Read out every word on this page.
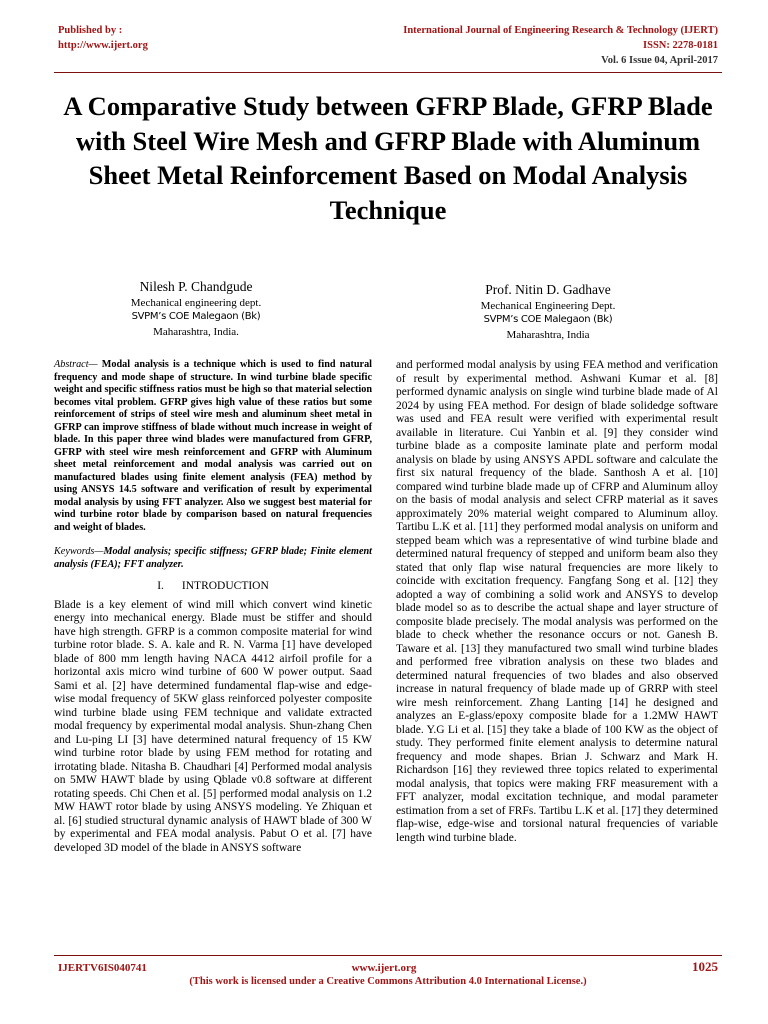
Published by :
http://www.ijert.org
International Journal of Engineering Research & Technology (IJERT)
ISSN: 2278-0181
Vol. 6 Issue 04, April-2017
A Comparative Study between GFRP Blade, GFRP Blade with Steel Wire Mesh and GFRP Blade with Aluminum Sheet Metal Reinforcement Based on Modal Analysis Technique
Nilesh P. Chandgude
Mechanical engineering dept.
SVPM’s COE Malegaon (Bk)
Maharashtra, India.
Prof. Nitin D. Gadhave
Mechanical Engineering Dept.
SVPM’s COE Malegaon (Bk)
Maharashtra, India

Abstract— Modal analysis is a technique which is used to find natural frequency and mode shape of structure. In wind turbine blade specific weight and specific stiffness ratios must be high so that material selection becomes vital problem. GFRP gives high value of these ratios but some reinforcement of strips of steel wire mesh and aluminum sheet metal in GFRP can improve stiffness of blade without much increase in weight of blade. In this paper three wind blades were manufactured from GFRP, GFRP with steel wire mesh reinforcement and GFRP with Aluminum sheet metal reinforcement and modal analysis was carried out on manufactured blades using finite element analysis (FEA) method by using ANSYS 14.5 software and verification of result by experimental modal analysis by using FFT analyzer. Also we suggest best material for wind turbine rotor blade by comparison based on natural frequencies and weight of blades.

Keywords—Modal analysis; specific stiffness; GFRP blade; Finite element analysis (FEA); FFT analyzer.

I. INTRODUCTION

Blade is a key element of wind mill which convert wind kinetic energy into mechanical energy. Blade must be stiffer and should have high strength. GFRP is a common composite material for wind turbine rotor blade. S. A. kale and R. N. Varma [1] have developed blade of 800 mm length having NACA 4412 airfoil profile for a horizontal axis micro wind turbine of 600 W power output. Saad Sami et al. [2] have determined fundamental flap-wise and edge-wise modal frequency of 5KW glass reinforced polyester composite wind turbine blade using FEM technique and validate extracted modal frequency by experimental modal analysis. Shun-zhang Chen and Lu-ping LI [3] have determined natural frequency of 15 KW wind turbine rotor blade by using FEM method for rotating and irrotating blade. Nitasha B. Chaudhari [4] Performed modal analysis on 5MW HAWT blade by using Qblade v0.8 software at different rotating speeds. Chi Chen et al. [5] performed modal analysis on 1.2 MW HAWT rotor blade by using ANSYS modeling. Ye Zhiquan et al. [6] studied structural dynamic analysis of HAWT blade of 300 W by experimental and FEA modal analysis. Pabut O et al. [7] have developed 3D model of the blade in ANSYS software

and performed modal analysis by using FEA method and verification of result by experimental method. Ashwani Kumar et al. [8] performed dynamic analysis on single wind turbine blade made of Al 2024 by using FEA method. For design of blade solidedge software was used and FEA result were verified with experimental result available in literature. Cui Yanbin et al. [9] they consider wind turbine blade as a composite laminate plate and perform modal analysis on blade by using ANSYS APDL software and calculate the first six natural frequency of the blade. Santhosh A et al. [10] compared wind turbine blade made up of CFRP and Aluminum alloy on the basis of modal analysis and select CFRP material as it saves approximately 20% material weight compared to Aluminum alloy. Tartibu L.K et al. [11] they performed modal analysis on uniform and stepped beam which was a representative of wind turbine blade and determined natural frequency of stepped and uniform beam also they stated that only flap wise natural frequencies are more likely to coincide with excitation frequency. Fangfang Song et al. [12] they adopted a way of combining a solid work and ANSYS to develop blade model so as to describe the actual shape and layer structure of composite blade precisely. The modal analysis was performed on the blade to check whether the resonance occurs or not. Ganesh B. Taware et al. [13] they manufactured two small wind turbine blades and performed free vibration analysis on these two blades and determined natural frequencies of two blades and also observed increase in natural frequency of blade made up of GRRP with steel wire mesh reinforcement. Zhang Lanting [14] he designed and analyzes an E-glass/epoxy composite blade for a 1.2MW HAWT blade. Y.G Li et al. [15] they take a blade of 100 KW as the object of study. They performed finite element analysis to determine natural frequency and mode shapes. Brian J. Schwarz and Mark H. Richardson [16] they reviewed three topics related to experimental modal analysis, that topics were making FRF measurement with a FFT analyzer, modal excitation technique, and modal parameter estimation from a set of FRFs. Tartibu L.K et al. [17] they determined flap-wise, edge-wise and torsional natural frequencies of variable length wind turbine blade.

IJERTV6IS040741	www.ijert.org	1025
(This work is licensed under a Creative Commons Attribution 4.0 International License.)
